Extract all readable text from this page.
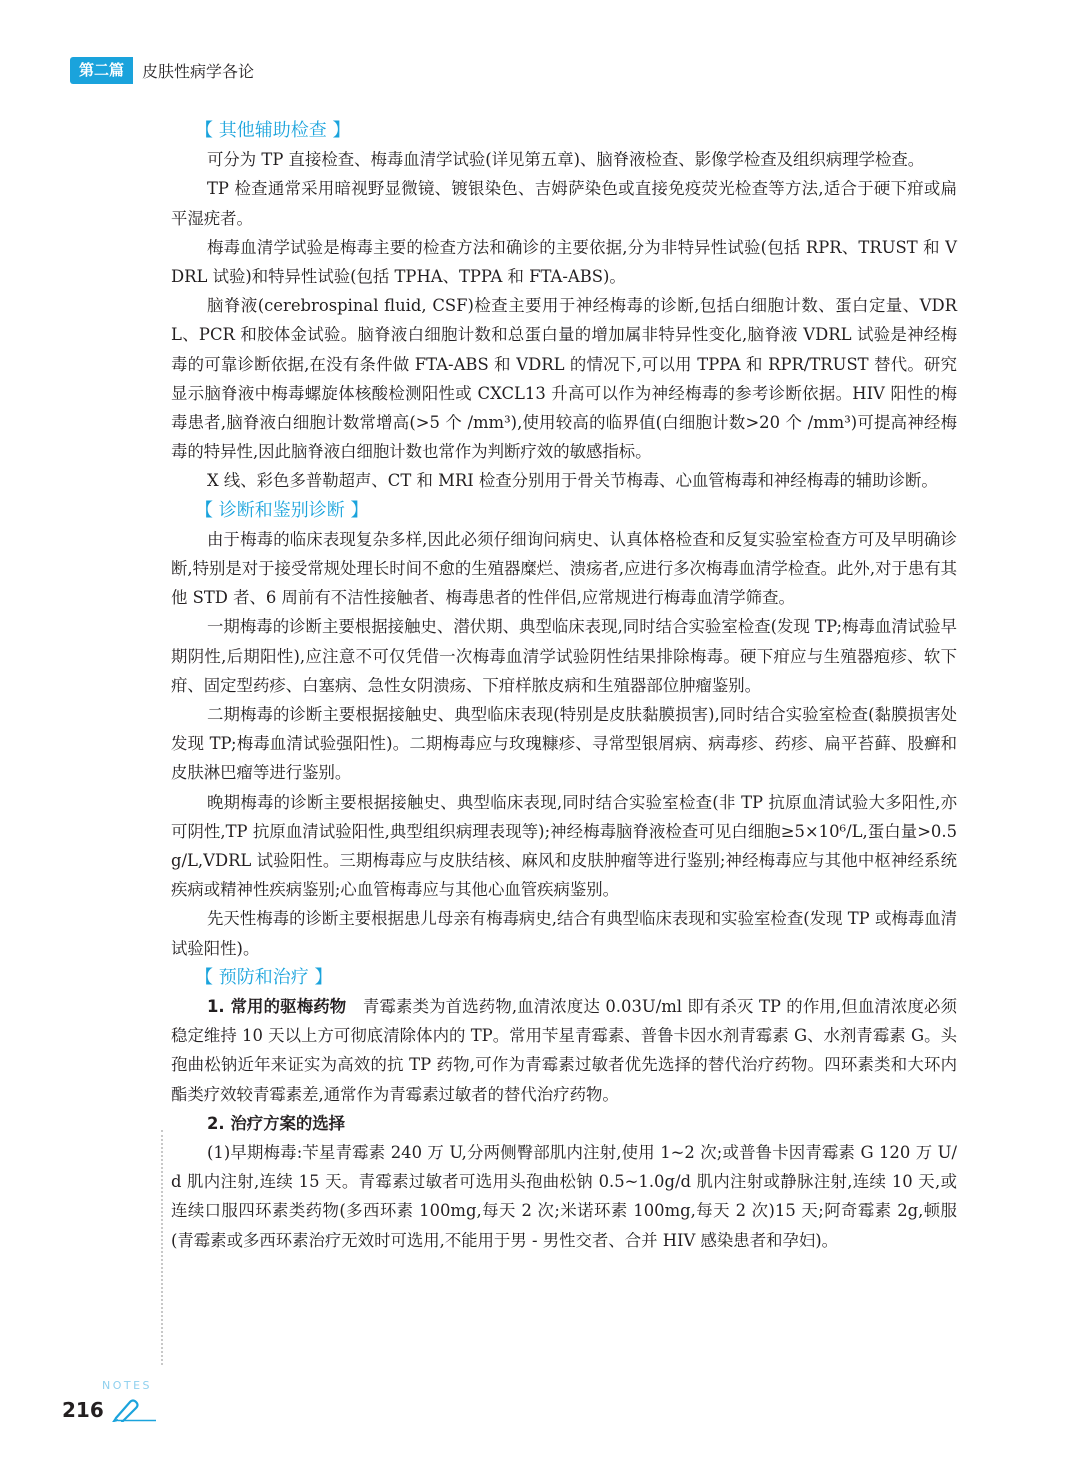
第二篇	皮肤性病学各论
【 其他辅助检查 】

可分为 TP 直接检查、梅毒血清学试验(详见第五章)、脑脊液检查、影像学检查及组织病理学检查。

TP 检查通常采用暗视野显微镜、镀银染色、吉姆萨染色或直接免疫荧光检查等方法,适合于硬下疳或扁平湿疣者。

梅毒血清学试验是梅毒主要的检查方法和确诊的主要依据,分为非特异性试验(包括 RPR、TRUST 和 VDRL 试验)和特异性试验(包括 TPHA、TPPA 和 FTA-ABS)。

脑脊液(cerebrospinal fluid, CSF)检查主要用于神经梅毒的诊断,包括白细胞计数、蛋白定量、VDRL、PCR 和胶体金试验。脑脊液白细胞计数和总蛋白量的增加属非特异性变化,脑脊液 VDRL 试验是神经梅毒的可靠诊断依据,在没有条件做 FTA-ABS 和 VDRL 的情况下,可以用 TPPA 和 RPR/TRUST 替代。研究显示脑脊液中梅毒螺旋体核酸检测阳性或 CXCL13 升高可以作为神经梅毒的参考诊断依据。HIV 阳性的梅毒患者,脑脊液白细胞计数常增高(>5 个 /mm³),使用较高的临界值(白细胞计数>20 个 /mm³)可提高神经梅毒的特异性,因此脑脊液白细胞计数也常作为判断疗效的敏感指标。

X 线、彩色多普勒超声、CT 和 MRI 检查分别用于骨关节梅毒、心血管梅毒和神经梅毒的辅助诊断。

【 诊断和鉴别诊断 】

由于梅毒的临床表现复杂多样,因此必须仔细询问病史、认真体格检查和反复实验室检查方可及早明确诊断,特别是对于接受常规处理长时间不愈的生殖器糜烂、溃疡者,应进行多次梅毒血清学检查。此外,对于患有其他 STD 者、6 周前有不洁性接触者、梅毒患者的性伴侣,应常规进行梅毒血清学筛查。

一期梅毒的诊断主要根据接触史、潜伏期、典型临床表现,同时结合实验室检查(发现 TP;梅毒血清试验早期阴性,后期阳性),应注意不可仅凭借一次梅毒血清学试验阴性结果排除梅毒。硬下疳应与生殖器疱疹、软下疳、固定型药疹、白塞病、急性女阴溃疡、下疳样脓皮病和生殖器部位肿瘤鉴别。

二期梅毒的诊断主要根据接触史、典型临床表现(特别是皮肤黏膜损害),同时结合实验室检查(黏膜损害处发现 TP;梅毒血清试验强阳性)。二期梅毒应与玫瑰糠疹、寻常型银屑病、病毒疹、药疹、扁平苔藓、股癣和皮肤淋巴瘤等进行鉴别。

晚期梅毒的诊断主要根据接触史、典型临床表现,同时结合实验室检查(非 TP 抗原血清试验大多阳性,亦可阴性,TP 抗原血清试验阳性,典型组织病理表现等);神经梅毒脑脊液检查可见白细胞≥5×10⁶/L,蛋白量>0.5g/L,VDRL 试验阳性。三期梅毒应与皮肤结核、麻风和皮肤肿瘤等进行鉴别;神经梅毒应与其他中枢神经系统疾病或精神性疾病鉴别;心血管梅毒应与其他心血管疾病鉴别。

先天性梅毒的诊断主要根据患儿母亲有梅毒病史,结合有典型临床表现和实验室检查(发现 TP 或梅毒血清试验阳性)。

【 预防和治疗 】

1. 常用的驱梅药物　 青霉素类为首选药物,血清浓度达 0.03U/ml 即有杀灭 TP 的作用,但血清浓度必须稳定维持 10 天以上方可彻底清除体内的 TP。常用苄星青霉素、普鲁卡因水剂青霉素 G、水剂青霉素 G。头孢曲松钠近年来证实为高效的抗 TP 药物,可作为青霉素过敏者优先选择的替代治疗药物。四环素类和大环内酯类疗效较青霉素差,通常作为青霉素过敏者的替代治疗药物。

2. 治疗方案的选择

(1)早期梅毒:苄星青霉素 240 万 U,分两侧臀部肌内注射,使用 1~2 次;或普鲁卡因青霉素 G 120 万 U/d 肌内注射,连续 15 天。青霉素过敏者可选用头孢曲松钠 0.5~1.0g/d 肌内注射或静脉注射,连续 10 天,或连续口服四环素类药物(多西环素 100mg,每天 2 次;米诺环素 100mg,每天 2 次)15 天;阿奇霉素 2g,顿服(青霉素或多西环素治疗无效时可选用,不能用于男 - 男性交者、合并 HIV 感染患者和孕妇)。

NOTES
216
